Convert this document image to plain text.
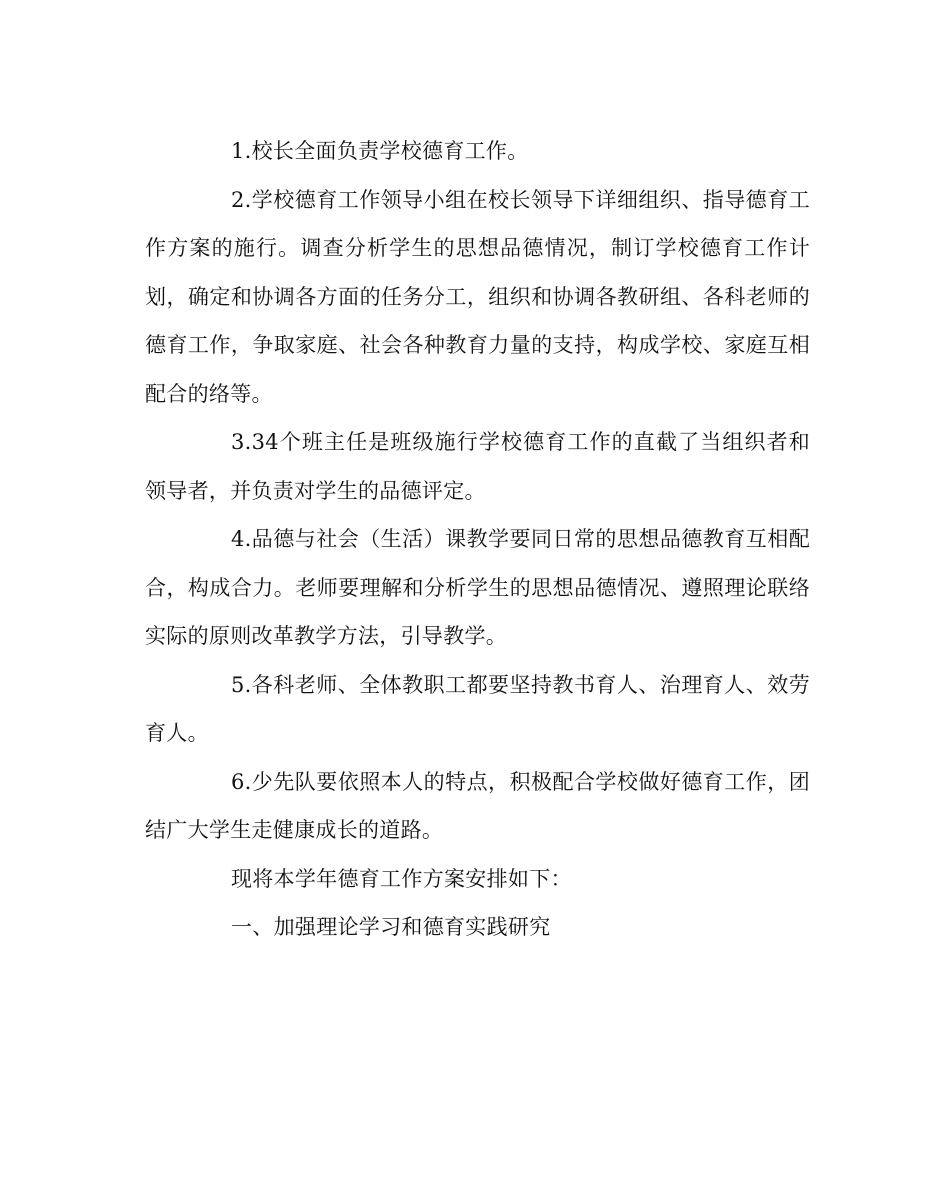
1.校长全面负责学校德育工作。

2.学校德育工作领导小组在校长领导下详细组织、指导德育工作方案的施行。调查分析学生的思想品德情况，制订学校德育工作计划，确定和协调各方面的任务分工，组织和协调各教研组、各科老师的德育工作，争取家庭、社会各种教育力量的支持，构成学校、家庭互相配合的络等。

3.34个班主任是班级施行学校德育工作的直截了当组织者和领导者，并负责对学生的品德评定。

4.品德与社会（生活）课教学要同日常的思想品德教育互相配合，构成合力。老师要理解和分析学生的思想品德情况、遵照理论联络实际的原则改革教学方法，引导教学。

5.各科老师、全体教职工都要坚持教书育人、治理育人、效劳育人。

6.少先队要依照本人的特点，积极配合学校做好德育工作，团结广大学生走健康成长的道路。

现将本学年德育工作方案安排如下：

一、加强理论学习和德育实践研究
